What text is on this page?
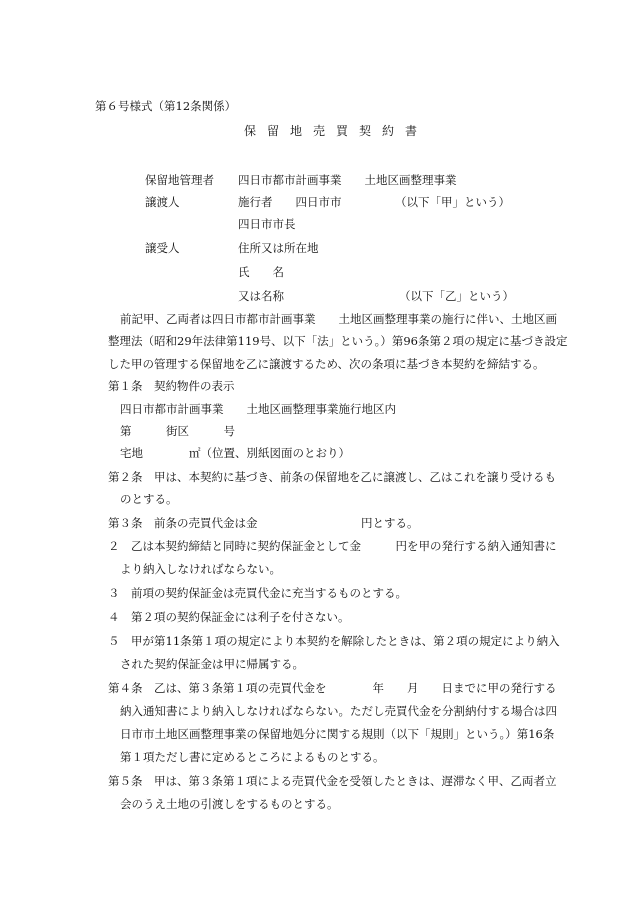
第６号様式（第12条関係）

保留地売買契約書

保留地管理者 四日市都市計画事業　　土地区画整理事業

譲渡人	施行者　　四日市市	（以下「甲」という）

四日市市長

譲受人	住所又は所在地

氏　　名

又は名称	（以下「乙」という）

前記甲、乙両者は四日市都市計画事業　　土地区画整理事業の施行に伴い、土地区画

整理法（昭和29年法律第119号、以下「法」という。）第96条第２項の規定に基づき設定

した甲の管理する保留地を乙に譲渡するため、次の条項に基づき本契約を締結する。

第１条　契約物件の表示

四日市都市計画事業　　土地区画整理事業施行地区内

第　　　街区　　　号

宅地　　　　㎡（位置、別紙図面のとおり）

第２条　甲は、本契約に基づき、前条の保留地を乙に譲渡し、乙はこれを譲り受けるも

のとする。

第３条　前条の売買代金は金　　　　　　　　　円とする。

２　乙は本契約締結と同時に契約保証金として金　　　円を甲の発行する納入通知書に

より納入しなければならない。

３　前項の契約保証金は売買代金に充当するものとする。

４　第２項の契約保証金には利子を付さない。

５　甲が第11条第１項の規定により本契約を解除したときは、第２項の規定により納入

された契約保証金は甲に帰属する。

第４条　乙は、第３条第１項の売買代金を　　　　年　　月　　日までに甲の発行する

納入通知書により納入しなければならない。ただし売買代金を分割納付する場合は四

日市市土地区画整理事業の保留地処分に関する規則（以下「規則」という。）第16条

第１項ただし書に定めるところによるものとする。

第５条　甲は、第３条第１項による売買代金を受領したときは、遅滞なく甲、乙両者立

会のうえ土地の引渡しをするものとする。
